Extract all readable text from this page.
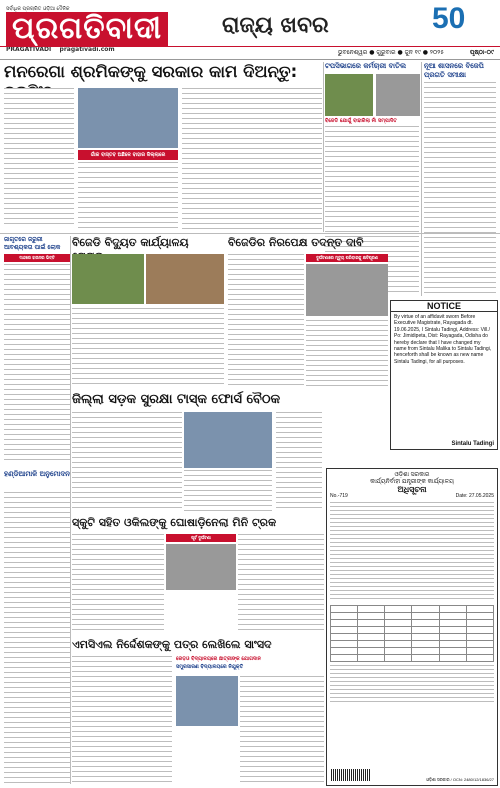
ସର୍ବାଧିକ ପ୍ରଚାରିତ ଓଡ଼ିଆ ଦୈନିକ
ପ୍ରଗତିବାଦୀ
PRAGATIVADI pragativadi.com
ରାଜ୍ୟ ଖବର	50
ଭୁବନେଶ୍ୱର ● ଗୁରୁବାର ● ଜୁନ ୧୯ ● ୨୦୨୫	ପୃଷ୍ଠା-୦୯
ମନରେଗା ଶ୍ରମିକଙ୍କୁ ସରକାର କାମ ଦିଅନ୍ତୁ:
ଗାଁକ ବାସ୍ତବ ଅଛିଳେ ବାହାର ଜିଲ୍ଲାରେ
ଟପସିଭାଗରେ କର୍ମଚାରୀ ବାତିଲ
ବିଜେଡି ଯୋଗୁଁ ବାହାରିଲା ନାଁ ସମ୍ପାଦିତ
ନୂଆ ଶାସନରେ ବିଜେପି ପ୍ରଗତି ସମୀକ୍ଷା
ଜାଗୃତରେ ଜରୁରୀ ଆବଶ୍ୟକତା ପାଇଁ ଲୋକ
ଦାନ୍ଦରେ ହାଉସର ଭିତ୍ତି
ବିଜେଡି ବିଦ୍ୟୁତ କାର୍ଯ୍ୟାଳୟ	ବିଜେଡିର ନିରପେକ୍ଷ ତଦନ୍ତ ଦାବି
ଦୁର୍ଘଟଣାରେ ମୃତ୍ୟୁ ପରିବାରକୁ କ୍ଷତିପୂରଣ
NOTICE
By virtue of an affidavit sworn Before Executive Magistrate, Rayagada dt. 19.06.2025, I Sintalu Tadingi, Address: Vill./ Po: Jimidipeta, Dist: Rayagada, Odisha do hereby declare that I have changed my name from Sintalu Malika to Sintalu Tadingi, henceforth shall be known as new name Sintalu Tadingi, for all purposes.
Sintalu Tadingi
ହଣ୍ଡିଆମାଳି ଅନୁମୋଦନ
ଜିଲ୍ଲା ସଡ଼କ ସୁରକ୍ଷା ଟାସ୍କ ଫୋର୍ସ ବୈଠକ
ସ୍କୁଟି ସହିତ ଓକିଲଙ୍କୁ ଘୋଷାଡ଼ିନେଲା ମିନି ଟ୍ରକ
ପୂର୍ବ ଦୁର୍ଘଟଣା
ଏମସିଏଲ ନିର୍ଦ୍ଦେଶକଙ୍କୁ ପତ୍ର ଲେଖିଲେ ସାଂସଦ
ରେଡ଼ଓ ବିଦ୍ୟାଳୟରେ ଛାତ୍ରୀଙ୍କ ଯୋଗଦାନ
ସମ୍ପ୍ରସାରଣ ବିଦ୍ୟାଳୟରେ ନିଯୁକ୍ତି
ଓଡ଼ିଶା ସରକାର
କାର୍ଯ୍ୟନିର୍ବାହୀ ଯନ୍ତ୍ରୀଙ୍କ କାର୍ଯ୍ୟାଳୟ
ଅଧିସୂଚନା
No.-719	Date: 27.05.2025

ଓଡ଼ିଶା ସରକାର / OCN: 2480/12/1836/27
